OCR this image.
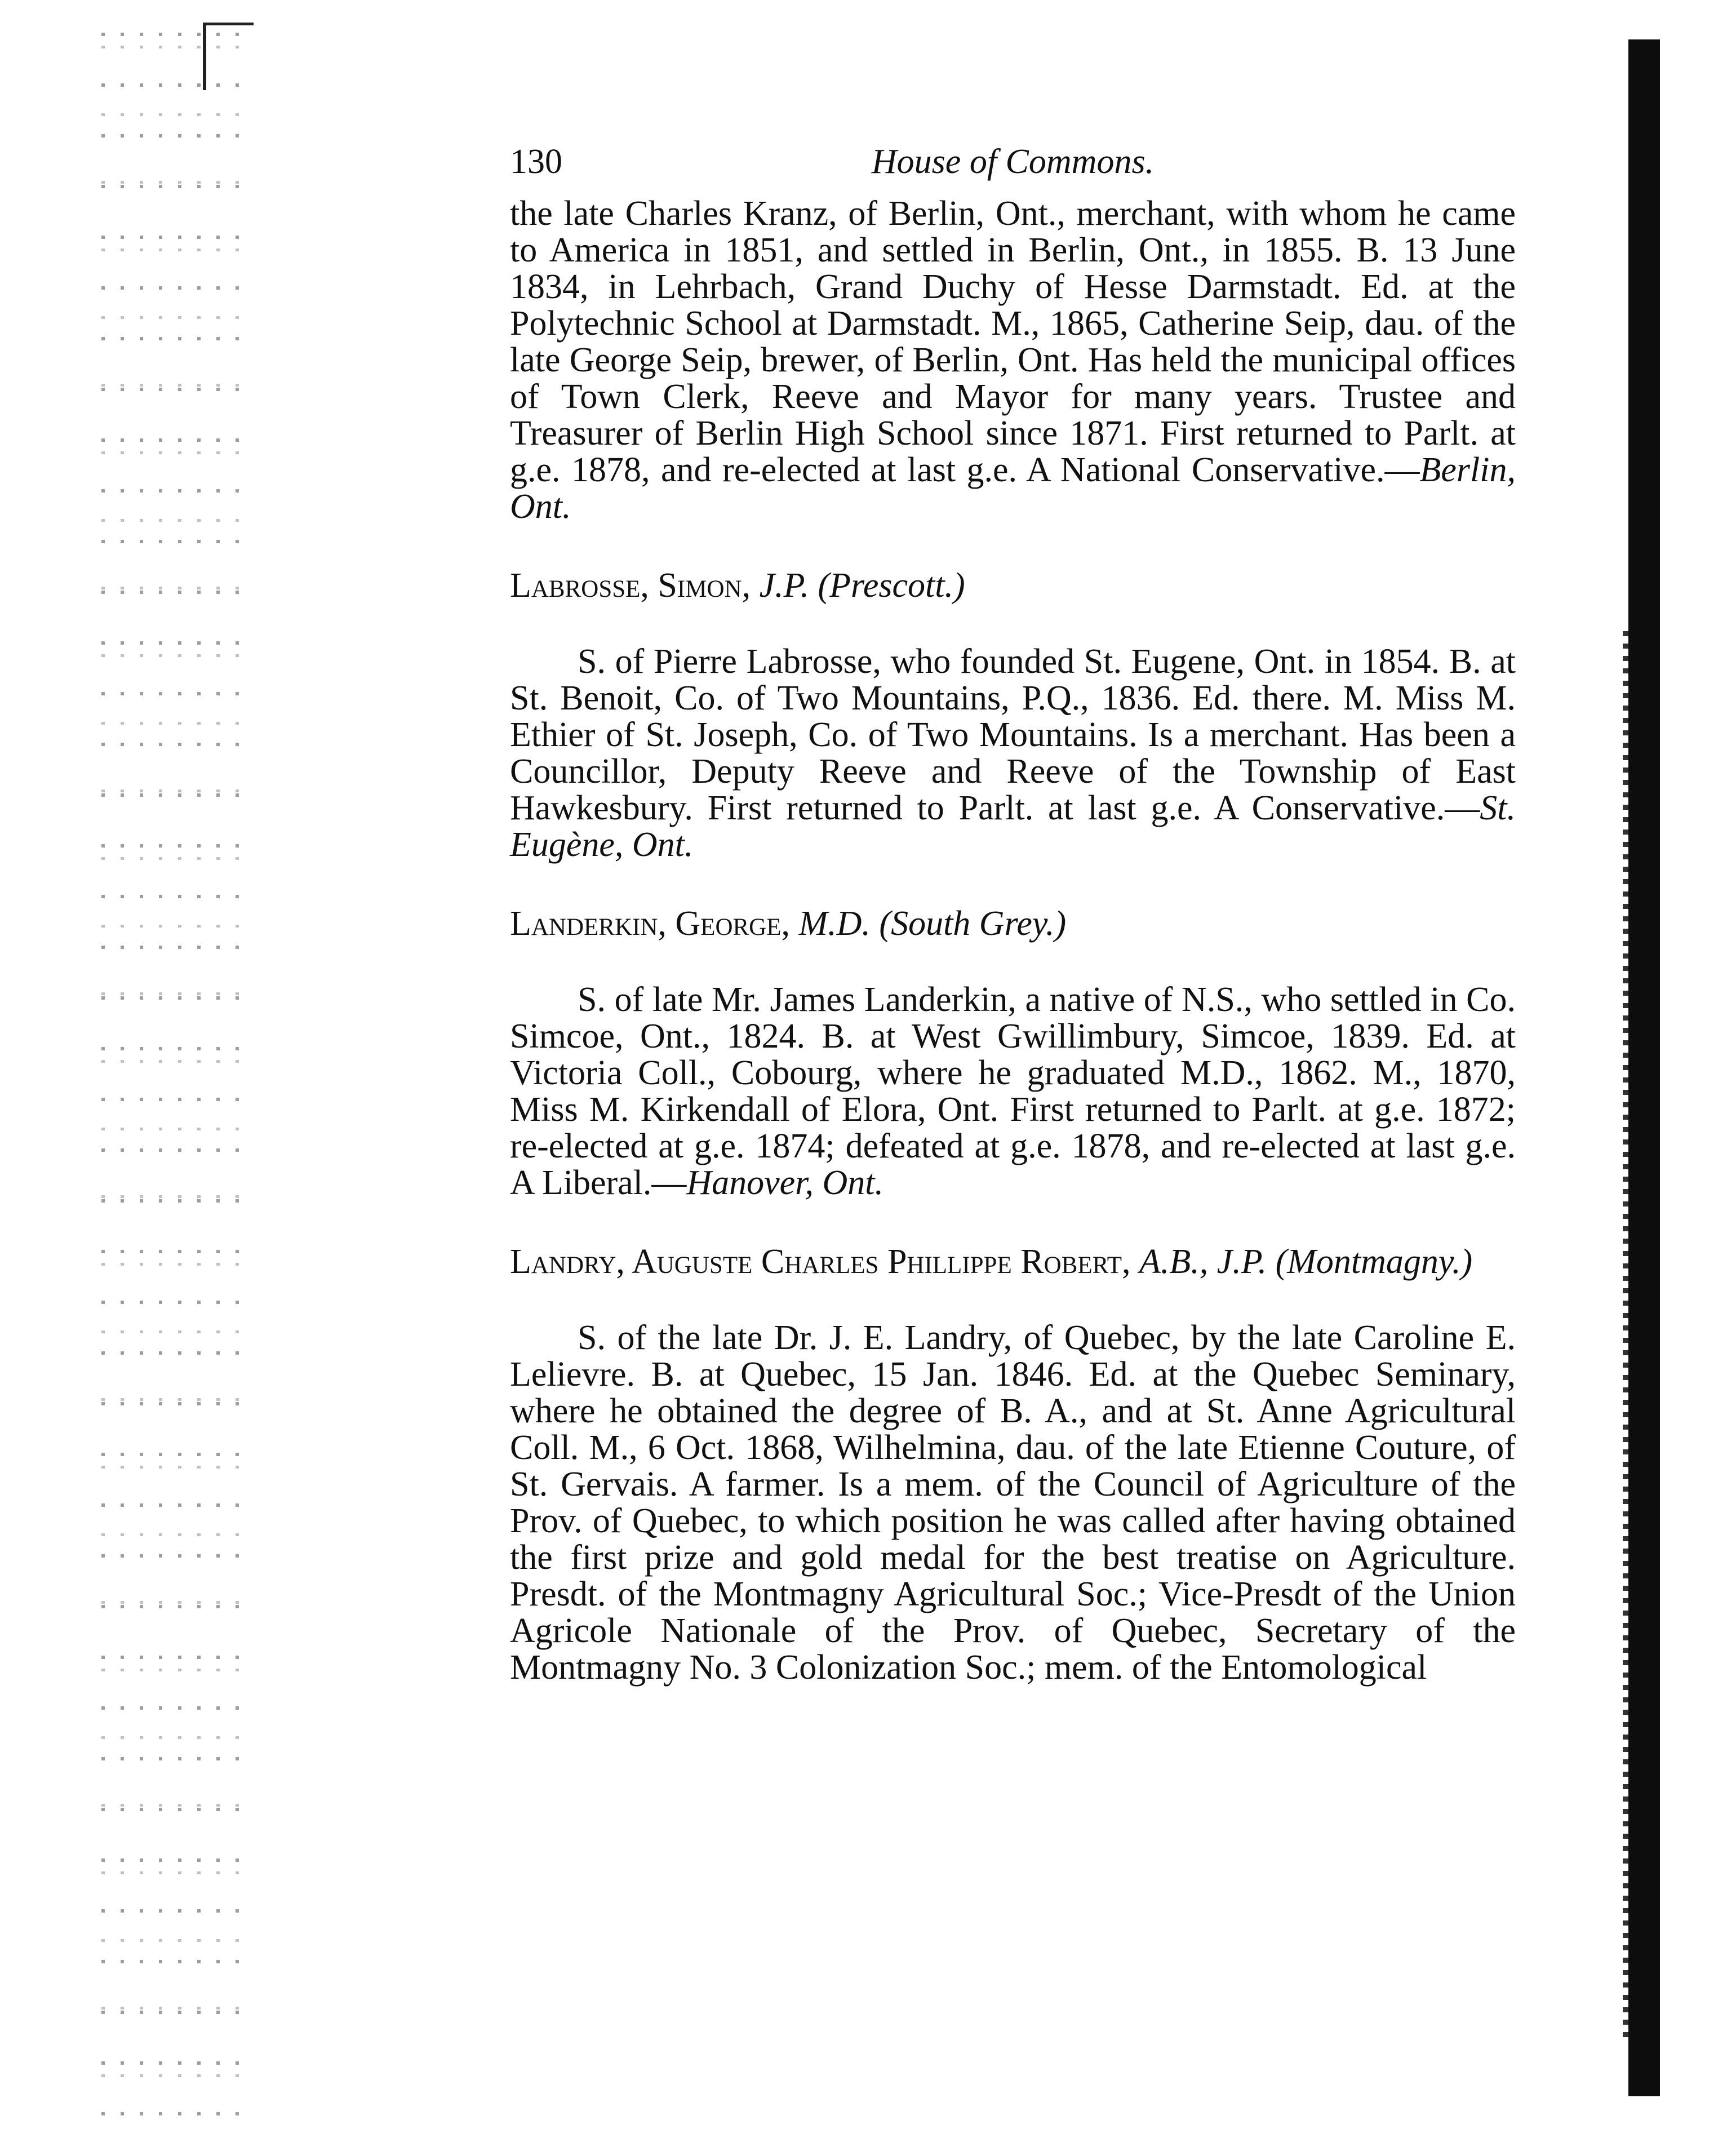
130	House of Commons.

the late Charles Kranz, of Berlin, Ont., merchant, with whom he came to America in 1851, and settled in Berlin, Ont., in 1855. B. 13 June 1834, in Lehrbach, Grand Duchy of Hesse Darmstadt. Ed. at the Polytechnic School at Darmstadt. M., 1865, Catherine Seip, dau. of the late George Seip, brewer, of Berlin, Ont. Has held the municipal offices of Town Clerk, Reeve and Mayor for many years. Trustee and Treasurer of Berlin High School since 1871. First returned to Parlt. at g.e. 1878, and re-elected at last g.e. A National Conservative.—Berlin, Ont.

Labrosse, Simon, J.P. (Prescott.)

S. of Pierre Labrosse, who founded St. Eugene, Ont. in 1854. B. at St. Benoit, Co. of Two Mountains, P.Q., 1836. Ed. there. M. Miss M. Ethier of St. Joseph, Co. of Two Mountains. Is a merchant. Has been a Councillor, Deputy Reeve and Reeve of the Township of East Hawkesbury. First returned to Parlt. at last g.e. A Conservative.—St. Eugène, Ont.

Landerkin, George, M.D. (South Grey.)

S. of late Mr. James Landerkin, a native of N.S., who settled in Co. Simcoe, Ont., 1824. B. at West Gwillimbury, Simcoe, 1839. Ed. at Victoria Coll., Cobourg, where he graduated M.D., 1862. M., 1870, Miss M. Kirkendall of Elora, Ont. First returned to Parlt. at g.e. 1872; re-elected at g.e. 1874; defeated at g.e. 1878, and re-elected at last g.e. A Liberal.—Hanover, Ont.

Landry, Auguste Charles Phillippe Robert, A.B., J.P. (Montmagny.)

S. of the late Dr. J. E. Landry, of Quebec, by the late Caroline E. Lelievre. B. at Quebec, 15 Jan. 1846. Ed. at the Quebec Seminary, where he obtained the degree of B. A., and at St. Anne Agricultural Coll. M., 6 Oct. 1868, Wilhelmina, dau. of the late Etienne Couture, of St. Gervais. A farmer. Is a mem. of the Council of Agriculture of the Prov. of Quebec, to which position he was called after having obtained the first prize and gold medal for the best treatise on Agriculture. Presdt. of the Montmagny Agricultural Soc.; Vice-Presdt of the Union Agricole Nationale of the Prov. of Quebec, Secretary of the Montmagny No. 3 Colonization Soc.; mem. of the Entomological
